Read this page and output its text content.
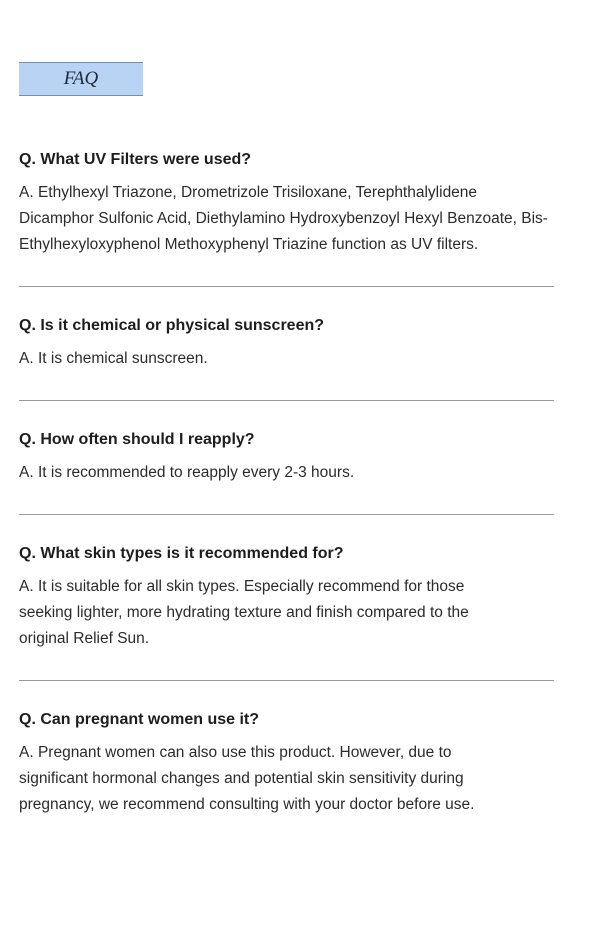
FAQ

Q. What UV Filters were used?

A. Ethylhexyl Triazone, Drometrizole Trisiloxane, Terephthalylidene Dicamphor Sulfonic Acid, Diethylamino Hydroxybenzoyl Hexyl Benzoate, Bis-Ethylhexyloxyphenol Methoxyphenyl Triazine function as UV filters.

Q. Is it chemical or physical sunscreen?

A. It is chemical sunscreen.

Q. How often should I reapply?

A. It is recommended to reapply every 2-3 hours.

Q. What skin types is it recommended for?

A. It is suitable for all skin types. Especially recommend for those seeking lighter, more hydrating texture and finish compared to the original Relief Sun.

Q. Can pregnant women use it?

A. Pregnant women can also use this product. However, due to significant hormonal changes and potential skin sensitivity during pregnancy, we recommend consulting with your doctor before use.
